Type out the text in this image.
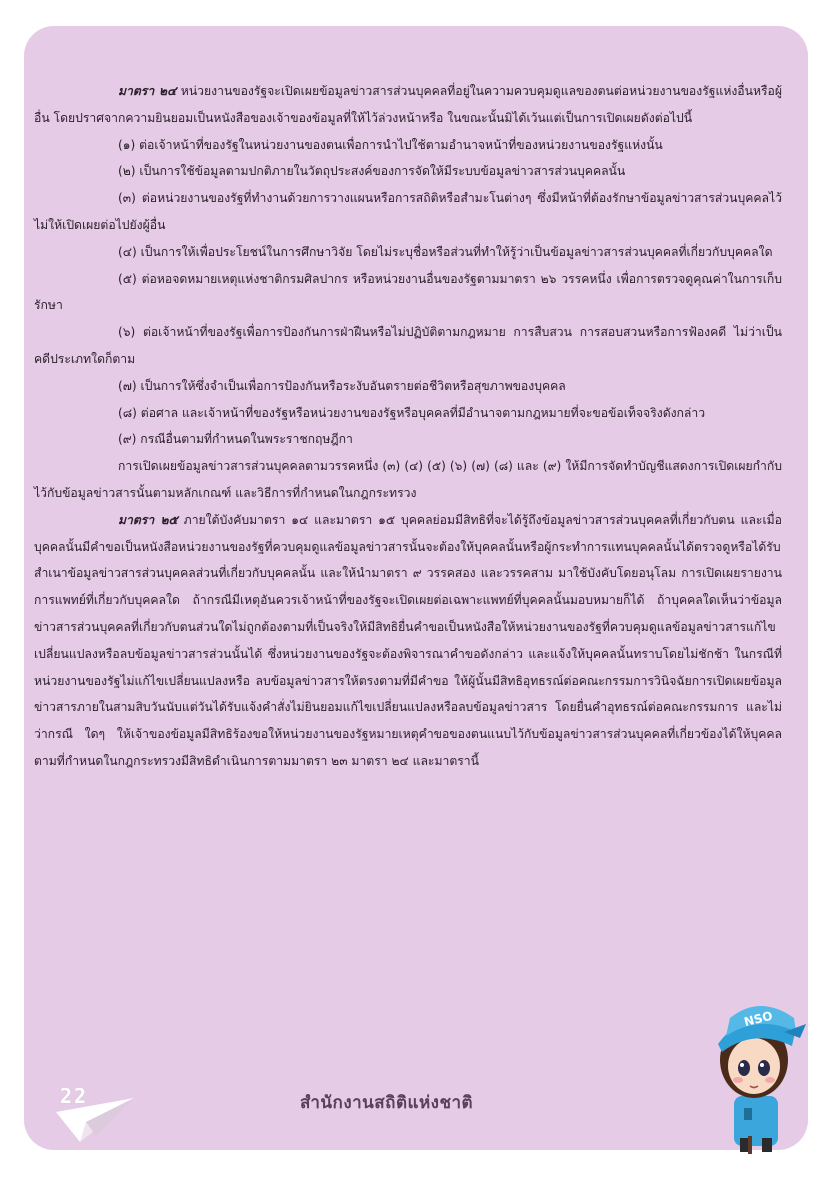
มาตรา ๒๔ หน่วยงานของรัฐจะเปิดเผยข้อมูลข่าวสารส่วนบุคคลที่อยู่ในความควบคุมดูแลของตนต่อหน่วยงานของรัฐแห่งอื่นหรือผู้อื่น โดยปราศจากความยินยอมเป็นหนังสือของเจ้าของข้อมูลที่ให้ไว้ล่วงหน้าหรือ ในขณะนั้นมิได้เว้นแต่เป็นการเปิดเผยดังต่อไปนี้

(๑) ต่อเจ้าหน้าที่ของรัฐในหน่วยงานของตนเพื่อการนำไปใช้ตามอำนาจหน้าที่ของหน่วยงานของรัฐแห่งนั้น

(๒) เป็นการใช้ข้อมูลตามปกติภายในวัตถุประสงค์ของการจัดให้มีระบบข้อมูลข่าวสารส่วนบุคคลนั้น

(๓) ต่อหน่วยงานของรัฐที่ทำงานด้วยการวางแผนหรือการสถิติหรือสำมะโนต่างๆ ซึ่งมีหน้าที่ต้องรักษาข้อมูลข่าวสารส่วนบุคคลไว้ไม่ให้เปิดเผยต่อไปยังผู้อื่น

(๔) เป็นการให้เพื่อประโยชน์ในการศึกษาวิจัย โดยไม่ระบุชื่อหรือส่วนที่ทำให้รู้ว่าเป็นข้อมูลข่าวสารส่วนบุคคลที่เกี่ยวกับบุคคลใด

(๕) ต่อหอจดหมายเหตุแห่งชาติกรมศิลปากร หรือหน่วยงานอื่นของรัฐตามมาตรา ๒๖ วรรคหนึ่ง เพื่อการตรวจดูคุณค่าในการเก็บรักษา

(๖) ต่อเจ้าหน้าที่ของรัฐเพื่อการป้องกันการฝ่าฝืนหรือไม่ปฏิบัติตามกฎหมาย การสืบสวน การสอบสวนหรือการฟ้องคดี ไม่ว่าเป็นคดีประเภทใดก็ตาม

(๗) เป็นการให้ซึ่งจำเป็นเพื่อการป้องกันหรือระงับอันตรายต่อชีวิตหรือสุขภาพของบุคคล

(๘) ต่อศาล และเจ้าหน้าที่ของรัฐหรือหน่วยงานของรัฐหรือบุคคลที่มีอำนาจตามกฎหมายที่จะขอข้อเท็จจริงดังกล่าว

(๙) กรณีอื่นตามที่กำหนดในพระราชกฤษฎีกา

การเปิดเผยข้อมูลข่าวสารส่วนบุคคลตามวรรคหนึ่ง (๓) (๔) (๕) (๖) (๗) (๘) และ (๙) ให้มีการจัดทำบัญชีแสดงการเปิดเผยกำกับไว้กับข้อมูลข่าวสารนั้นตามหลักเกณฑ์ และวิธีการที่กำหนดในกฎกระทรวง

มาตรา ๒๕ ภายใต้บังคับมาตรา ๑๔ และมาตรา ๑๕ บุคคลย่อมมีสิทธิที่จะได้รู้ถึงข้อมูลข่าวสารส่วนบุคคลที่เกี่ยวกับตน และเมื่อบุคคลนั้นมีคำขอเป็นหนังสือหน่วยงานของรัฐที่ควบคุมดูแลข้อมูลข่าวสารนั้นจะต้องให้บุคคลนั้นหรือผู้กระทำการแทนบุคคลนั้นได้ตรวจดูหรือได้รับสำเนาข้อมูลข่าวสารส่วนบุคคลส่วนที่เกี่ยวกับบุคคลนั้น และให้นำมาตรา ๙ วรรคสอง และวรรคสาม มาใช้บังคับโดยอนุโลม การเปิดเผยรายงานการแพทย์ที่เกี่ยวกับบุคคลใด ถ้ากรณีมีเหตุอันควรเจ้าหน้าที่ของรัฐจะเปิดเผยต่อเฉพาะแพทย์ที่บุคคลนั้นมอบหมายก็ได้ ถ้าบุคคลใดเห็นว่าข้อมูลข่าวสารส่วนบุคคลที่เกี่ยวกับตนส่วนใดไม่ถูกต้องตามที่เป็นจริงให้มีสิทธิยื่นคำขอเป็นหนังสือให้หน่วยงานของรัฐที่ควบคุมดูแลข้อมูลข่าวสารแก้ไขเปลี่ยนแปลงหรือลบข้อมูลข่าวสารส่วนนั้นได้ ซึ่งหน่วยงานของรัฐจะต้องพิจารณาคำขอดังกล่าว และแจ้งให้บุคคลนั้นทราบโดยไม่ชักช้า ในกรณีที่หน่วยงานของรัฐไม่แก้ไขเปลี่ยนแปลงหรือ ลบข้อมูลข่าวสารให้ตรงตามที่มีคำขอ ให้ผู้นั้นมีสิทธิอุทธรณ์ต่อคณะกรรมการวินิจฉัยการเปิดเผยข้อมูลข่าวสารภายในสามสิบวันนับแต่วันได้รับแจ้งคำสั่งไม่ยินยอมแก้ไขเปลี่ยนแปลงหรือลบข้อมูลข่าวสาร โดยยื่นคำอุทธรณ์ต่อคณะกรรมการ และไม่ว่ากรณี ใดๆ ให้เจ้าของข้อมูลมีสิทธิร้องขอให้หน่วยงานของรัฐหมายเหตุคำขอของตนแนบไว้กับข้อมูลข่าวสารส่วนบุคคลที่เกี่ยวข้องได้ให้บุคคลตามที่กำหนดในกฎกระทรวงมีสิทธิดำเนินการตามมาตรา ๒๓ มาตรา ๒๔ และมาตรานี้

22	สำนักงานสถิติแห่งชาติ
NSO
